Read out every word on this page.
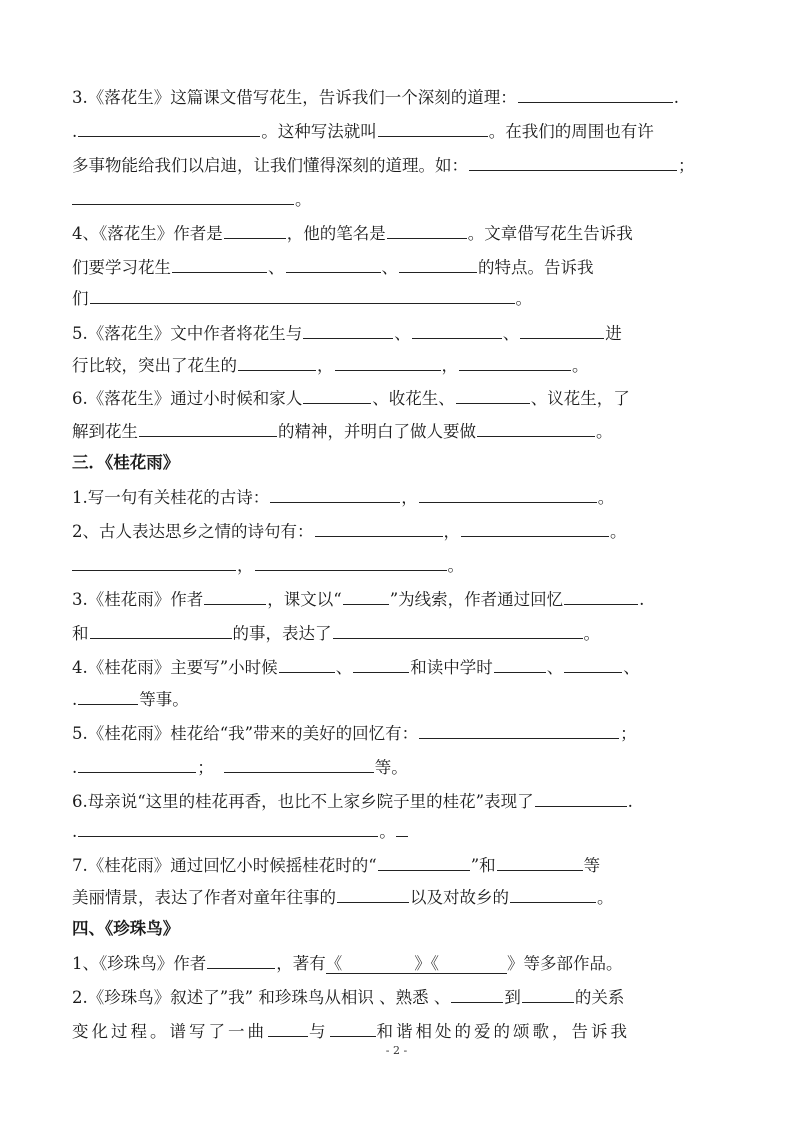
3.《落花生》这篇课文借写花生，告诉我们一个深刻的道理：	.
.	。这种写法就叫	。在我们的周围也有许
多事物能给我们以启迪，让我们懂得深刻的道理。如：	；
。
4、《落花生》作者是	，他的笔名是	。文章借写花生告诉我
们要学习花生	、	、	的特点。告诉我
们	。
5.《落花生》文中作者将花生与	、	、	进
行比较，突出了花生的	，	，	。
6.《落花生》通过小时候和家人	、收花生、	、议花生，了
解到花生	的精神，并明白了做人要做	。
三．《桂花雨》
1.写一句有关桂花的古诗：	，	。
2、古人表达思乡之情的诗句有：	，	。
，	。
3.《桂花雨》作者	，课文以“	”为线索，作者通过回忆	.
和	的事，表达了	。
4.《桂花雨》主要写”小时候	、	和读中学时	、	、
.	等事。
5.《桂花雨》桂花给“我”带来的美好的回忆有：	；
.	；	等。
6.母亲说“这里的桂花再香，也比不上家乡院子里的桂花”表现了	.
.	。
7.《桂花雨》通过回忆小时候摇桂花时的“	”和	等
美丽情景，表达了作者对童年往事的	以及对故乡的	。
四、《珍珠鸟》
1、《珍珠鸟》作者	，著有《	》《	》等多部作品。
2.《珍珠鸟》叙述了”我” 和珍珠鸟从相识 、熟悉 、	到	的关系
变化过程。谱写了一曲	与	和谐相处的爱的颂歌，告诉我
- 2 -
